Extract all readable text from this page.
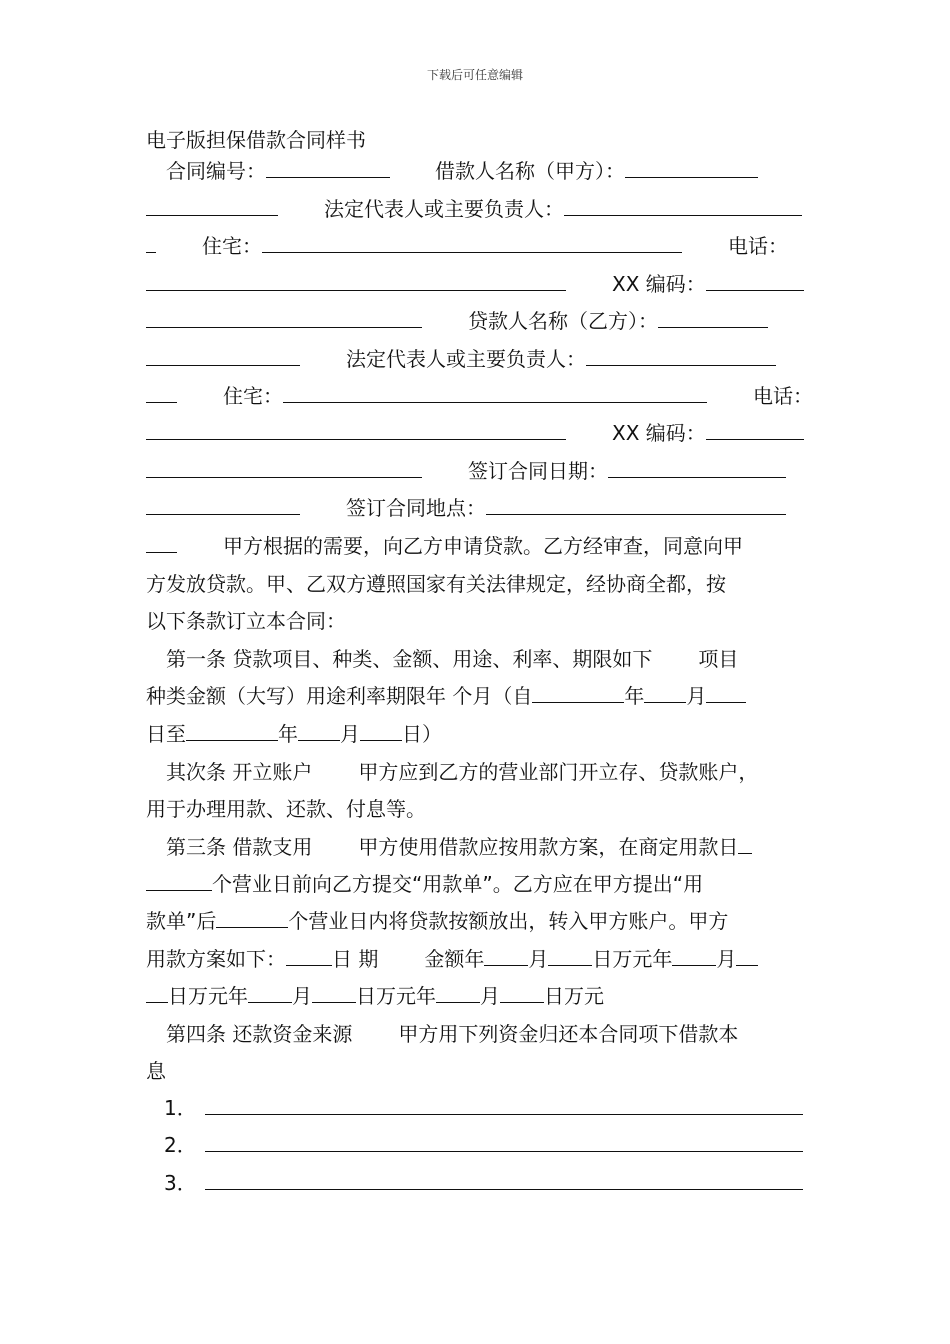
下载后可任意编辑
电子版担保借款合同样书
合同编号：	借款人名称（甲方）：
法定代表人或主要负责人：
住宅：	电话：
XX 编码：
贷款人名称（乙方）：
法定代表人或主要负责人：
住宅：	电话：
XX 编码：
签订合同日期：
签订合同地点：
甲方根据的需要，向乙方申请贷款。乙方经审查，同意向甲
方发放贷款。甲、乙双方遵照国家有关法律规定，经协商全都，按
以下条款订立本合同：
第一条 贷款项目、种类、金额、用途、利率、期限如下 项目
种类金额（大写）用途利率期限年 个月（自	年 月
日至	年 月 日）
其次条 开立账户 甲方应到乙方的营业部门开立存、贷款账户，
用于办理用款、还款、付息等。
第三条 借款支用 甲方使用借款应按用款方案，在商定用款日
个营业日前向乙方提交“用款单”。乙方应在甲方提出“用
款单”后	个营业日内将贷款按额放出，转入甲方账户。甲方
用款方案如下： 日 期 金额年 月 日万元年 月
日万元年 月 日万元年 月 日万元
第四条 还款资金来源 甲方用下列资金归还本合同项下借款本
息
1．
2．
3．
